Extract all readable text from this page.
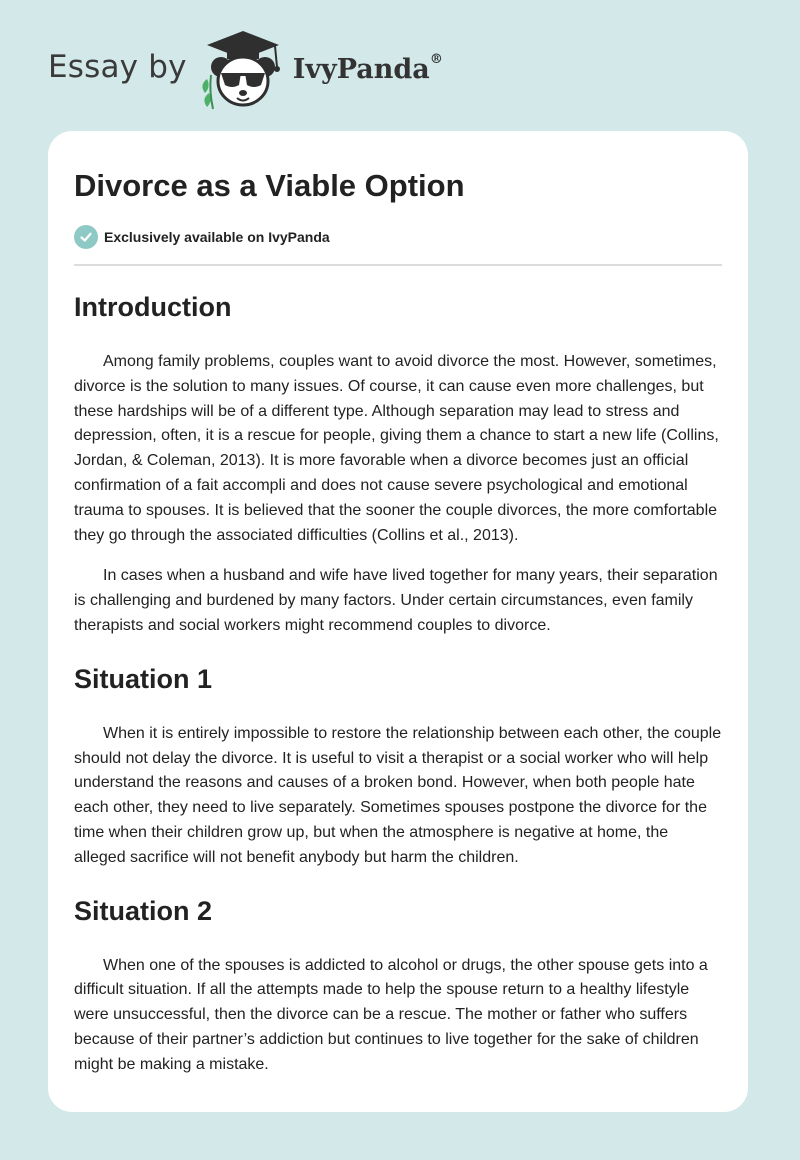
Essay by	IvyPanda®
Divorce as a Viable Option
Exclusively available on IvyPanda
Introduction

Among family problems, couples want to avoid divorce the most. However, sometimes, divorce is the solution to many issues. Of course, it can cause even more challenges, but these hardships will be of a different type. Although separation may lead to stress and depression, often, it is a rescue for people, giving them a chance to start a new life (Collins, Jordan, & Coleman, 2013). It is more favorable when a divorce becomes just an official confirmation of a fait accompli and does not cause severe psychological and emotional trauma to spouses. It is believed that the sooner the couple divorces, the more comfortable they go through the associated difficulties (Collins et al., 2013).

In cases when a husband and wife have lived together for many years, their separation is challenging and burdened by many factors. Under certain circumstances, even family therapists and social workers might recommend couples to divorce.

Situation 1

When it is entirely impossible to restore the relationship between each other, the couple should not delay the divorce. It is useful to visit a therapist or a social worker who will help understand the reasons and causes of a broken bond. However, when both people hate each other, they need to live separately. Sometimes spouses postpone the divorce for the time when their children grow up, but when the atmosphere is negative at home, the alleged sacrifice will not benefit anybody but harm the children.

Situation 2

When one of the spouses is addicted to alcohol or drugs, the other spouse gets into a difficult situation. If all the attempts made to help the spouse return to a healthy lifestyle were unsuccessful, then the divorce can be a rescue. The mother or father who suffers because of their partner’s addiction but continues to live together for the sake of children might be making a mistake.
